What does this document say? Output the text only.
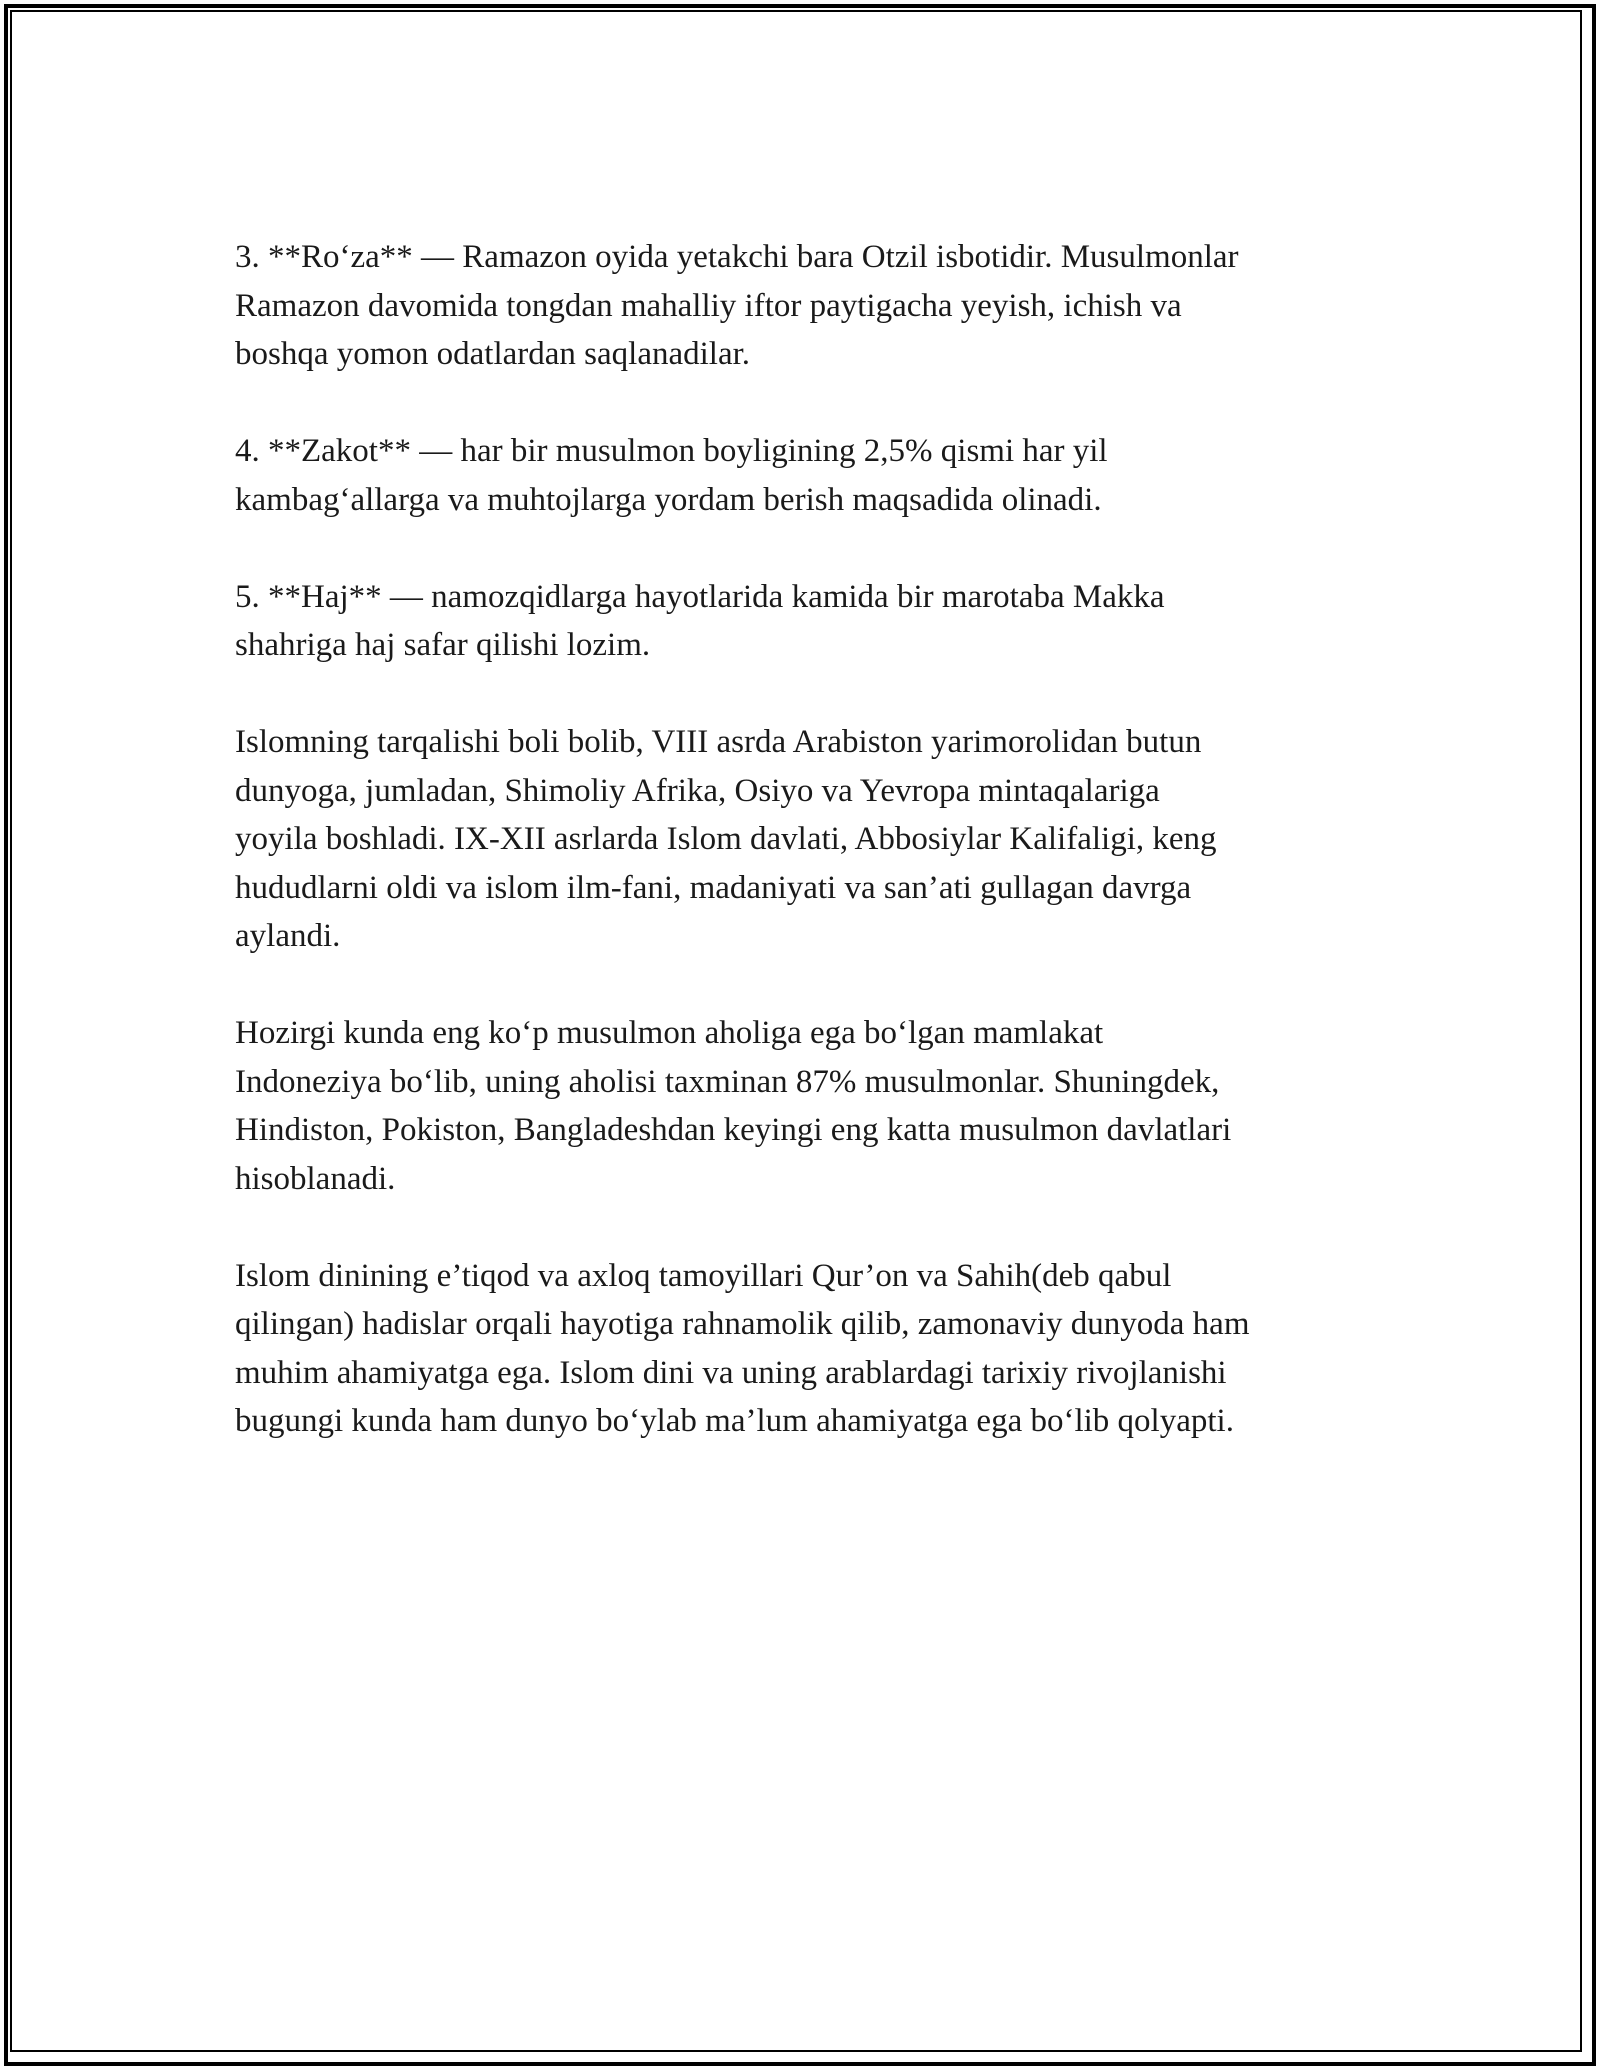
3. **Ro‘za** — Ramazon oyida yetakchi bara Otzil isbotidir. Musulmonlar
Ramazon davomida tongdan mahalliy iftor paytigacha yeyish, ichish va
boshqa yomon odatlardan saqlanadilar.

4. **Zakot** — har bir musulmon boyligining 2,5% qismi har yil
kambag‘allarga va muhtojlarga yordam berish maqsadida olinadi.

5. **Haj** — namozqidlarga hayotlarida kamida bir marotaba Makka
shahriga haj safar qilishi lozim.

Islomning tarqalishi boli bolib, VIII asrda Arabiston yarimorolidan butun
dunyoga, jumladan, Shimoliy Afrika, Osiyo va Yevropa mintaqalariga
yoyila boshladi. IX-XII asrlarda Islom davlati, Abbosiylar Kalifaligi, keng
hududlarni oldi va islom ilm-fani, madaniyati va san’ati gullagan davrga
aylandi.

Hozirgi kunda eng ko‘p musulmon aholiga ega bo‘lgan mamlakat
Indoneziya bo‘lib, uning aholisi taxminan 87% musulmonlar. Shuningdek,
Hindiston, Pokiston, Bangladeshdan keyingi eng katta musulmon davlatlari
hisoblanadi.

Islom dinining e’tiqod va axloq tamoyillari Qur’on va Sahih(deb qabul
qilingan) hadislar orqali hayotiga rahnamolik qilib, zamonaviy dunyoda ham
muhim ahamiyatga ega. Islom dini va uning arablardagi tarixiy rivojlanishi
bugungi kunda ham dunyo bo‘ylab ma’lum ahamiyatga ega bo‘lib qolyapti.
